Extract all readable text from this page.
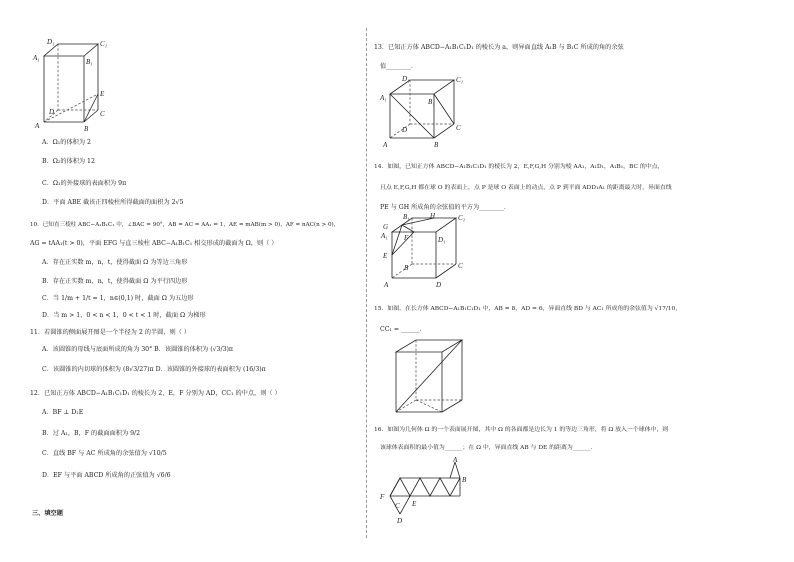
D₁	C₁
A₁	B₁
D	C
A	B
E
A．Ω₁的体积为 2
B．Ω₂的体积为 12
C．Ω₁的外接球的表面积为 9π
D．平面 ABE 截该正四棱柱所得截面的面积为 2√5
10．已知直三棱柱 ABC−A₁B₁C₁ 中，∠BAC = 90°，AB = AC = AA₁ = 1，AE = mAB(m > 0)，AF = nAC(n > 0)，
AG = tAA₁(t > 0)，平面 EFG 与直三棱柱 ABC−A₁B₁C₁ 相交形成的截面为 Ω，则（ ）
A．存在正实数 m，n，t，使得截面 Ω 为等边三角形
B．存在正实数 m，n，t，使得截面 Ω 为平行四边形
C．当 1/m + 1/t = 1，n∈(0,1) 时，截面 Ω 为五边形
D．当 m > 1，0 < n < 1，0 < t < 1 时，截面 Ω 为梯形
11．若圆锥的侧面展开图是一个半径为 2 的半圆，则（ ）
A．该圆锥的母线与底面所成的角为 30° B．该圆锥的体积为 (√3/3)π
C．该圆锥的内切球的体积为 (8√3/27)π D．该圆锥的外接球的表面积为 (16/3)π
12．已知正方体 ABCD−A₁B₁C₁D₁ 的棱长为 2，E，F 分别为 AD，CC₁ 的中点，则（ ）
A．BF ⊥ D₁E
B．过 A₁，B，F 的截面面积为 9/2
C．直线 BF 与 AC 所成角的余弦值为 √10/5
D．EF 与平面 ABCD 所成角的正弦值为 √6/6
三、填空题
13．已知正方体 ABCD−A₁B₁C₁D₁ 的棱长为 a，则异面直线 A₁B 与 B₁C 所成的角的余弦
值________．
D₁	C₁
A₁	B₁
D	C
A	B
14．如图，已知正方体 ABCD−A₁B₁C₁D₁ 的棱长为 2，E,F,G,H 分别为棱 AA₁，A₁D₁，A₁B₁，BC 的中点，
且点 E,F,G,H 都在球 O 的表面上，点 P 是球 O 表面上的动点，点 P 到平面 ADD₁A₁ 的距离最大时，异面直线
PE 与 GH 所成角的余弦值的平方为________．
B₁	H	C₁
G
F
A₁	D₁
E
B	C
A	D
15．如图，在长方体 ABCD−A₁B₁C₁D₁ 中，AB = 8，AD = 6，异面直线 BD 与 AC₁ 所成角的余弦值为 √17/10，
CC₁ = ______．
16．如图为几何体 Ω 的一个表面展开图，其中 Ω 的各面都是边长为 1 的等边三角形，将 Ω 放入一个球体中，则
该球体表面积的最小值为______；在 Ω 中，异面直线 AB 与 DE 的距离为______．
A
B
F
C
D
E
